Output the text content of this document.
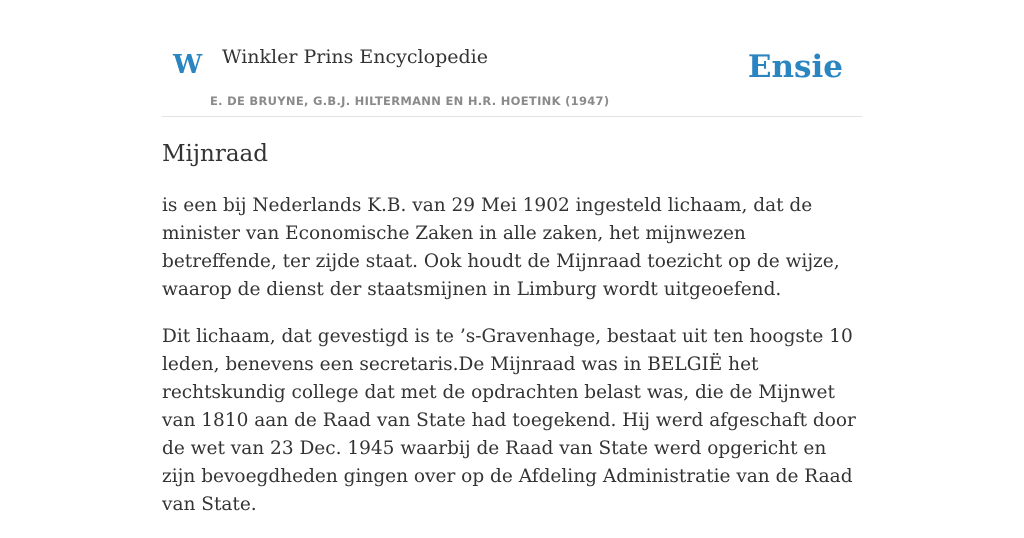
W Winkler Prins Encyclopedie
E. DE BRUYNE, G.B.J. HILTERMANN EN H.R. HOETINK (1947)
Ensie
Mijnraad

is een bij Nederlands K.B. van 29 Mei 1902 ingesteld lichaam, dat de minister van Economische Zaken in alle zaken, het mijnwezen betreffende, ter zijde staat. Ook houdt de Mijnraad toezicht op de wijze, waarop de dienst der staatsmijnen in Limburg wordt uitgeoefend.

Dit lichaam, dat gevestigd is te ’s-Gravenhage, bestaat uit ten hoogste 10 leden, benevens een secretaris.De Mijnraad was in BELGIË het rechtskundig college dat met de opdrachten belast was, die de Mijnwet van 1810 aan de Raad van State had toegekend. Hij werd afgeschaft door de wet van 23 Dec. 1945 waarbij de Raad van State werd opgericht en zijn bevoegdheden gingen over op de Afdeling Administratie van de Raad van State.
